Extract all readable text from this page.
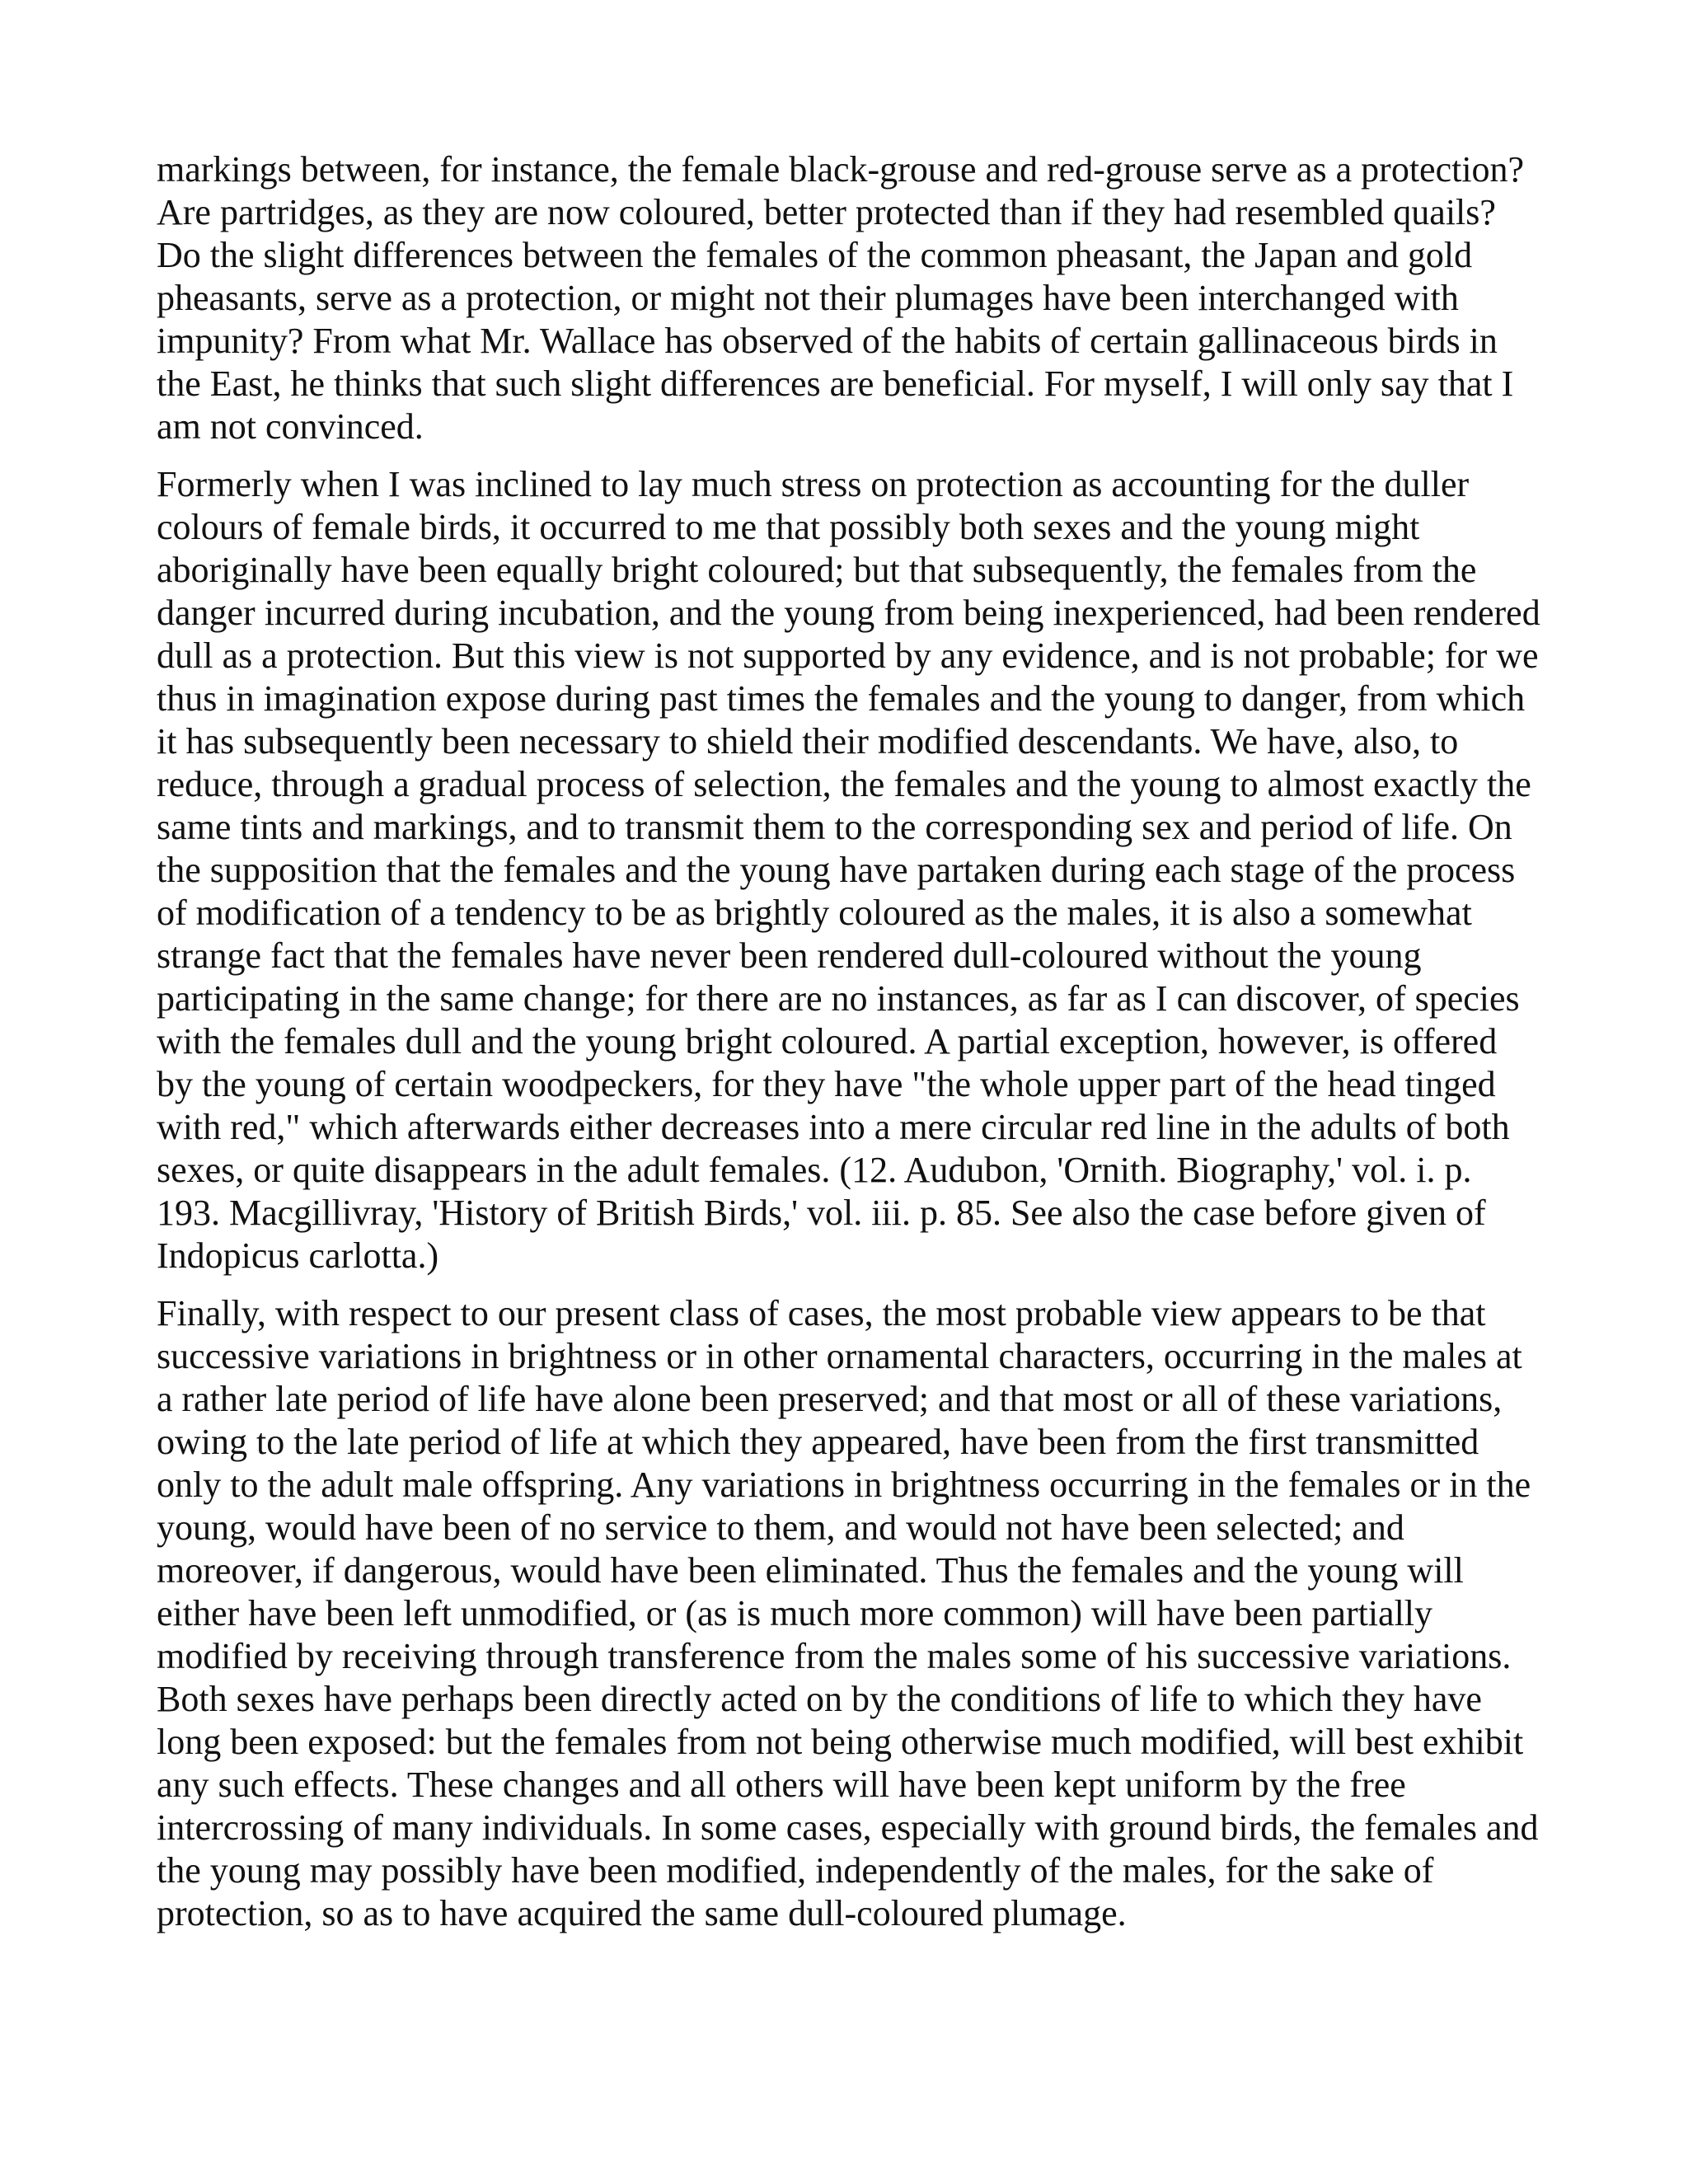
markings between, for instance, the female black-grouse and red-grouse serve as a protection? Are partridges, as they are now coloured, better protected than if they had resembled quails? Do the slight differences between the females of the common pheasant, the Japan and gold pheasants, serve as a protection, or might not their plumages have been interchanged with impunity? From what Mr. Wallace has observed of the habits of certain gallinaceous birds in the East, he thinks that such slight differences are beneficial. For myself, I will only say that I am not convinced.

Formerly when I was inclined to lay much stress on protection as accounting for the duller colours of female birds, it occurred to me that possibly both sexes and the young might aboriginally have been equally bright coloured; but that subsequently, the females from the danger incurred during incubation, and the young from being inexperienced, had been rendered dull as a protection. But this view is not supported by any evidence, and is not probable; for we thus in imagination expose during past times the females and the young to danger, from which it has subsequently been necessary to shield their modified descendants. We have, also, to reduce, through a gradual process of selection, the females and the young to almost exactly the same tints and markings, and to transmit them to the corresponding sex and period of life. On the supposition that the females and the young have partaken during each stage of the process of modification of a tendency to be as brightly coloured as the males, it is also a somewhat strange fact that the females have never been rendered dull-coloured without the young participating in the same change; for there are no instances, as far as I can discover, of species with the females dull and the young bright coloured. A partial exception, however, is offered by the young of certain woodpeckers, for they have "the whole upper part of the head tinged with red," which afterwards either decreases into a mere circular red line in the adults of both sexes, or quite disappears in the adult females. (12. Audubon, 'Ornith. Biography,' vol. i. p. 193. Macgillivray, 'History of British Birds,' vol. iii. p. 85. See also the case before given of Indopicus carlotta.)

Finally, with respect to our present class of cases, the most probable view appears to be that successive variations in brightness or in other ornamental characters, occurring in the males at a rather late period of life have alone been preserved; and that most or all of these variations, owing to the late period of life at which they appeared, have been from the first transmitted only to the adult male offspring. Any variations in brightness occurring in the females or in the young, would have been of no service to them, and would not have been selected; and moreover, if dangerous, would have been eliminated. Thus the females and the young will either have been left unmodified, or (as is much more common) will have been partially modified by receiving through transference from the males some of his successive variations. Both sexes have perhaps been directly acted on by the conditions of life to which they have long been exposed: but the females from not being otherwise much modified, will best exhibit any such effects. These changes and all others will have been kept uniform by the free intercrossing of many individuals. In some cases, especially with ground birds, the females and the young may possibly have been modified, independently of the males, for the sake of protection, so as to have acquired the same dull-coloured plumage.
